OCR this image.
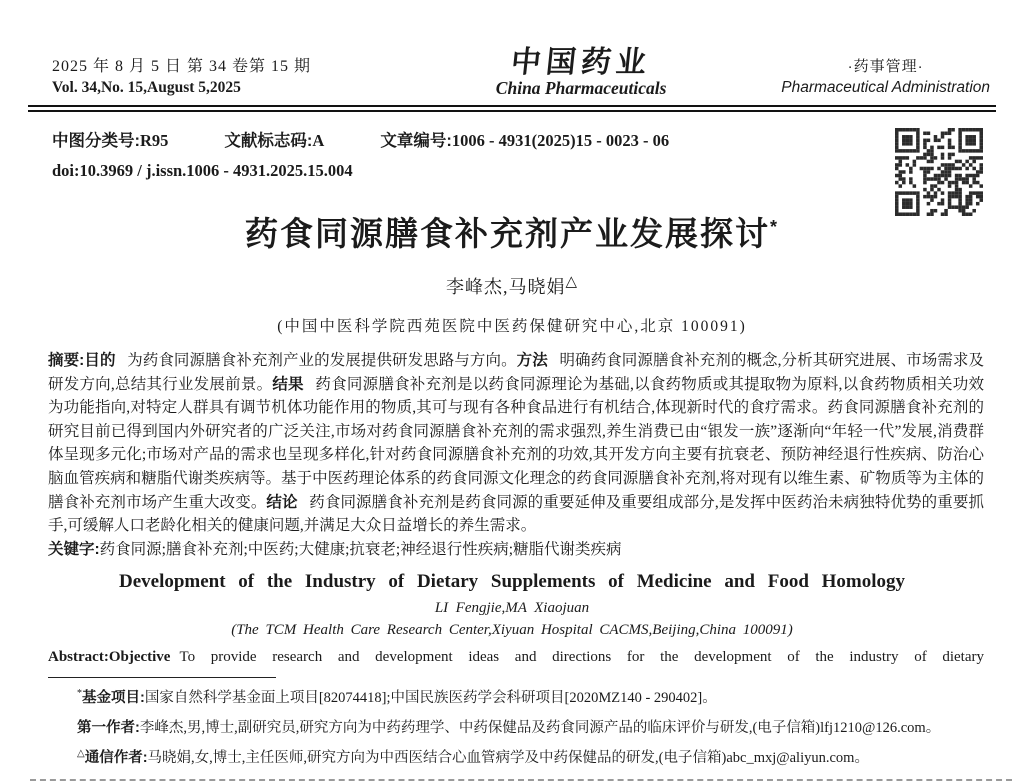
2025 年 8 月 5 日 第 34 卷第 15 期
Vol. 34,No. 15,August 5,2025
中国药业
China Pharmaceuticals
·药事管理·
Pharmaceutical Administration
中图分类号:R95	文献标志码:A	文章编号:1006 - 4931(2025)15 - 0023 - 06
doi:10.3969 / j.issn.1006 - 4931.2025.15.004
药食同源膳食补充剂产业发展探讨*
李峰杰,马晓娟△
(中国中医科学院西苑医院中医药保健研究中心,北京 100091)

摘要:目的 为药食同源膳食补充剂产业的发展提供研发思路与方向。方法 明确药食同源膳食补充剂的概念,分析其研究进展、市场需求及研发方向,总结其行业发展前景。结果 药食同源膳食补充剂是以药食同源理论为基础,以食药物质或其提取物为原料,以食药物质相关功效为功能指向,对特定人群具有调节机体功能作用的物质,其可与现有各种食品进行有机结合,体现新时代的食疗需求。药食同源膳食补充剂的研究目前已得到国内外研究者的广泛关注,市场对药食同源膳食补充剂的需求强烈,养生消费已由“银发一族”逐渐向“年轻一代”发展,消费群体呈现多元化;市场对产品的需求也呈现多样化,针对药食同源膳食补充剂的功效,其开发方向主要有抗衰老、预防神经退行性疾病、防治心脑血管疾病和糖脂代谢类疾病等。基于中医药理论体系的药食同源文化理念的药食同源膳食补充剂,将对现有以维生素、矿物质等为主体的膳食补充剂市场产生重大改变。结论 药食同源膳食补充剂是药食同源的重要延伸及重要组成部分,是发挥中医药治未病独特优势的重要抓手,可缓解人口老龄化相关的健康问题,并满足大众日益增长的养生需求。

关键字:药食同源;膳食补充剂;中医药;大健康;抗衰老;神经退行性疾病;糖脂代谢类疾病

Development of the Industry of Dietary Supplements of Medicine and Food Homology
LI Fengjie,MA Xiaojuan
(The TCM Health Care Research Center,Xiyuan Hospital CACMS,Beijing,China 100091)

Abstract:Objective To provide research and development ideas and directions for the development of the industry of dietary

*基金项目:国家自然科学基金面上项目[82074418];中国民族医药学会科研项目[2020MZ140 - 290402]。

第一作者:李峰杰,男,博士,副研究员,研究方向为中药药理学、中药保健品及药食同源产品的临床评价与研发,(电子信箱)lfj1210@126.com。

△通信作者:马晓娟,女,博士,主任医师,研究方向为中西医结合心血管病学及中药保健品的研发,(电子信箱)abc_mxj@aliyun.com。
